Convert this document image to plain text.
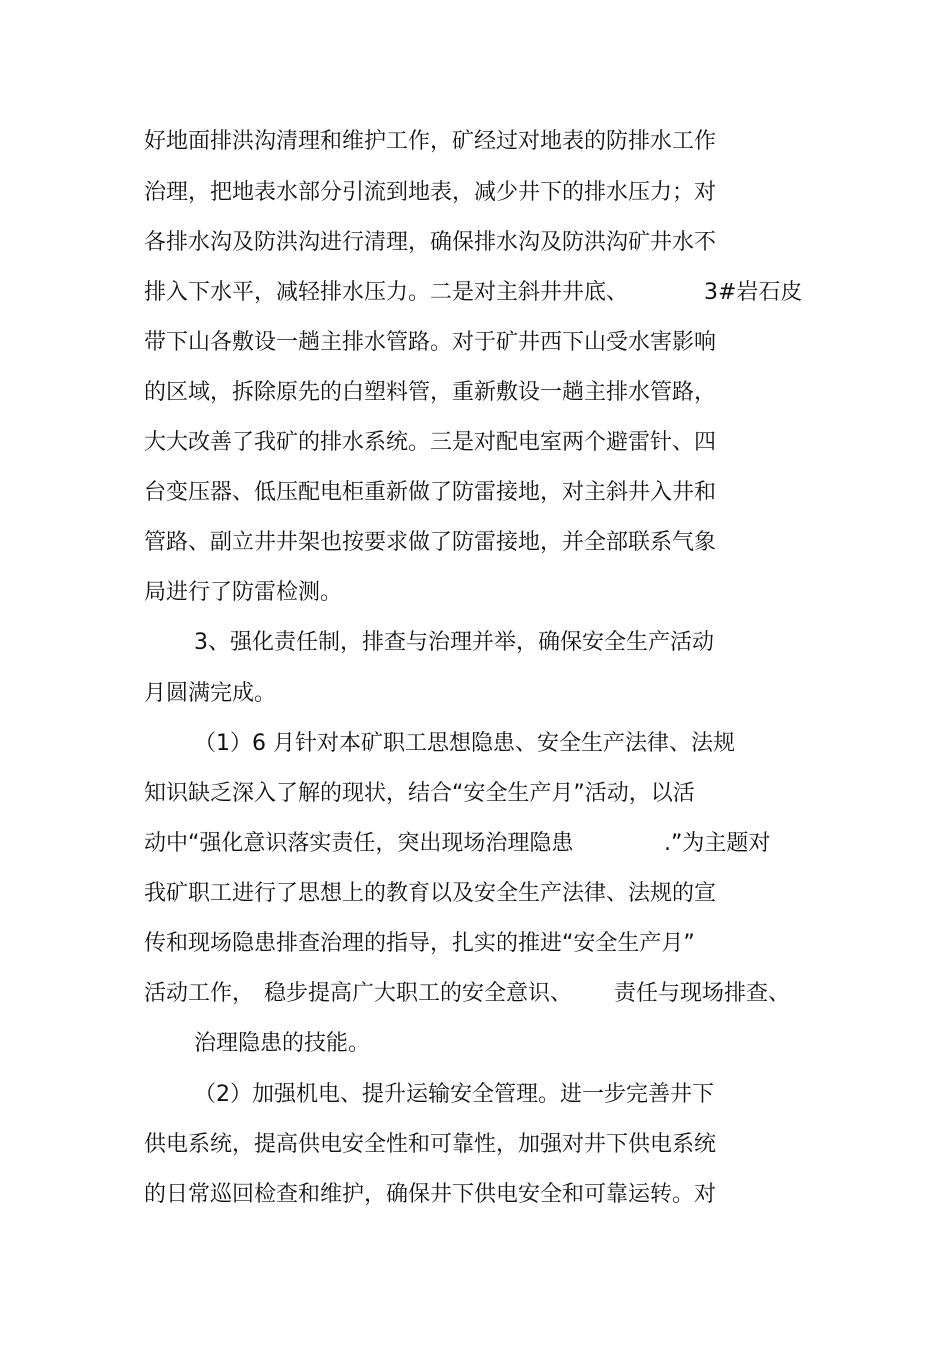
好地面排洪沟清理和维护工作，矿经过对地表的防排水工作
治理，把地表水部分引流到地表，减少井下的排水压力；对
各排水沟及防洪沟进行清理，确保排水沟及防洪沟矿井水不
排入下水平，减轻排水压力。二是对主斜井井底、	3#岩石皮
带下山各敷设一趟主排水管路。对于矿井西下山受水害影响
的区域，拆除原先的白塑料管，重新敷设一趟主排水管路，
大大改善了我矿的排水系统。三是对配电室两个避雷针、四
台变压器、低压配电柜重新做了防雷接地，对主斜井入井和
管路、副立井井架也按要求做了防雷接地，并全部联系气象
局进行了防雷检测。
3、强化责任制，排查与治理并举，确保安全生产活动
月圆满完成。
（1）6 月针对本矿职工思想隐患、安全生产法律、法规
知识缺乏深入了解的现状，结合“安全生产月”活动，以活
动中“强化意识落实责任，突出现场治理隐患	.”为主题对
我矿职工进行了思想上的教育以及安全生产法律、法规的宣
传和现场隐患排查治理的指导，扎实的推进“安全生产月”
活动工作， 稳步提高广大职工的安全意识、 责任与现场排查、
治理隐患的技能。
（2）加强机电、提升运输安全管理。进一步完善井下
供电系统，提高供电安全性和可靠性，加强对井下供电系统
的日常巡回检查和维护，确保井下供电安全和可靠运转。对
